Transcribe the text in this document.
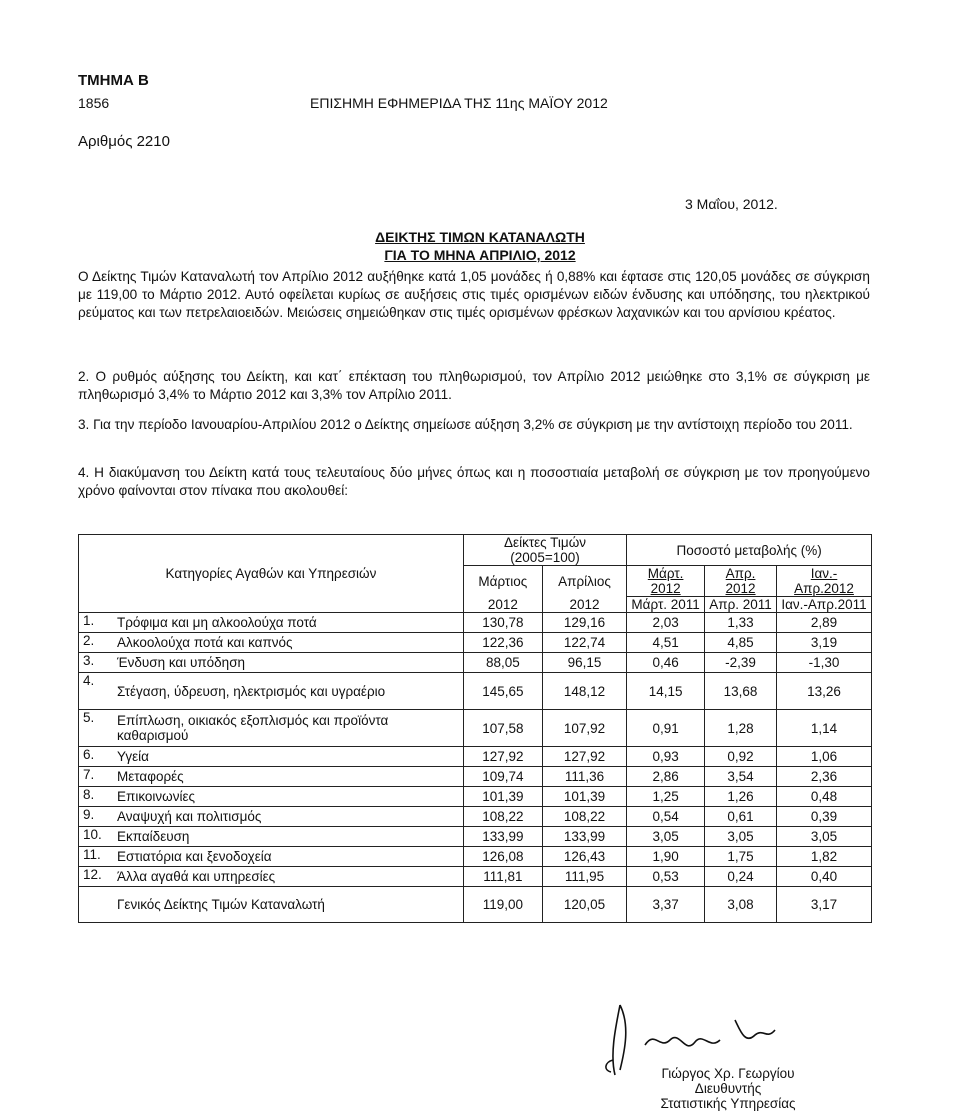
ΤΜΗΜΑ Β
1856	ΕΠΙΣΗΜΗ ΕΦΗΜΕΡΙΔΑ ΤΗΣ 11ης ΜΑΪΟΥ 2012
Αριθμός 2210
3 Μαΐου, 2012.
ΔΕΙΚΤΗΣ ΤΙΜΩΝ ΚΑΤΑΝΑΛΩΤΗ
ΓΙΑ ΤΟ ΜΗΝΑ ΑΠΡΙΛΙΟ, 2012
Ο Δείκτης Τιμών Καταναλωτή τον Απρίλιο 2012 αυξήθηκε κατά 1,05 μονάδες ή 0,88% και έφτασε στις 120,05 μονάδες σε σύγκριση με 119,00 το Μάρτιο 2012. Αυτό οφείλεται κυρίως σε αυξήσεις στις τιμές ορισμένων ειδών ένδυσης και υπόδησης, του ηλεκτρικού ρεύματος και των πετρελαιοειδών. Μειώσεις σημειώθηκαν στις τιμές ορισμένων φρέσκων λαχανικών και του αρνίσιου κρέατος.
2. Ο ρυθμός αύξησης του Δείκτη, και κατ΄ επέκταση του πληθωρισμού, τον Απρίλιο 2012 μειώθηκε στο 3,1% σε σύγκριση με πληθωρισμό 3,4% το Μάρτιο 2012 και 3,3% τον Απρίλιο 2011.
3. Για την περίοδο Ιανουαρίου-Απριλίου 2012 ο Δείκτης σημείωσε αύξηση 3,2% σε σύγκριση με την αντίστοιχη περίοδο του 2011.
4. Η διακύμανση του Δείκτη κατά τους τελευταίους δύο μήνες όπως και η ποσοστιαία μεταβολή σε σύγκριση με τον προηγούμενο χρόνο φαίνονται στον πίνακα που ακολουθεί:
Κατηγορίες Αγαθών και Υπηρεσιών		Δείκτες Τιμών (2005=100)		Ποσοστό μεταβολής (%)		
		Μάρτιος	Απρίλιος	Μάρτ. 2012	Απρ. 2012	Ιαν.-Απρ.2012
		2012	2012	Μάρτ. 2011	Απρ. 2011	Ιαν.-Απρ.2011
1.	Τρόφιμα και μη αλκοολούχα ποτά	130,78	129,16	2,03	1,33	2,89
2.	Αλκοολούχα ποτά και καπνός	122,36	122,74	4,51	4,85	3,19
3.	Ένδυση και υπόδηση	88,05	96,15	0,46	-2,39	-1,30
4.	Στέγαση, ύδρευση, ηλεκτρισμός και υγραέριο	145,65	148,12	14,15	13,68	13,26
5.	Επίπλωση, οικιακός εξοπλισμός και προϊόντα καθαρισμού	107,58	107,92	0,91	1,28	1,14
6.	Υγεία	127,92	127,92	0,93	0,92	1,06
7.	Μεταφορές	109,74	111,36	2,86	3,54	2,36
8.	Επικοινωνίες	101,39	101,39	1,25	1,26	0,48
9.	Αναψυχή και πολιτισμός	108,22	108,22	0,54	0,61	0,39
10.	Εκπαίδευση	133,99	133,99	3,05	3,05	3,05
11.	Εστιατόρια και ξενοδοχεία	126,08	126,43	1,90	1,75	1,82
12.	Άλλα αγαθά και υπηρεσίες	111,81	111,95	0,53	0,24	0,40
	Γενικός Δείκτης Τιμών Καταναλωτή	119,00	120,05	3,37	3,08	3,17
Γιώργος Χρ. Γεωργίου
Διευθυντής
Στατιστικής Υπηρεσίας
